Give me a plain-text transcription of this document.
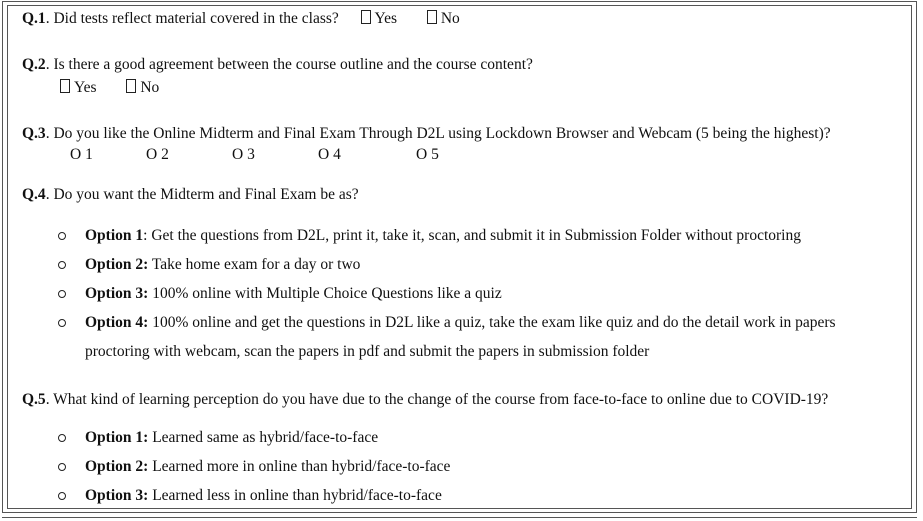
Q.1. Did tests reflect material covered in the class? Yes	No
Q.2. Is there a good agreement between the course outline and the course content?
Yes	No
Q.3. Do you like the Online Midterm and Final Exam Through D2L using Lockdown Browser and Webcam (5 being the highest)?
O 1	O 2	O 3	O 4	O 5
Q.4. Do you want the Midterm and Final Exam be as?
Option 1: Get the questions from D2L, print it, take it, scan, and submit it in Submission Folder without proctoring
Option 2: Take home exam for a day or two
Option 3: 100% online with Multiple Choice Questions like a quiz
Option 4: 100% online and get the questions in D2L like a quiz, take the exam like quiz and do the detail work in papers
proctoring with webcam, scan the papers in pdf and submit the papers in submission folder
Q.5. What kind of learning perception do you have due to the change of the course from face-to-face to online due to COVID-19?
Option 1: Learned same as hybrid/face-to-face
Option 2: Learned more in online than hybrid/face-to-face
Option 3: Learned less in online than hybrid/face-to-face
